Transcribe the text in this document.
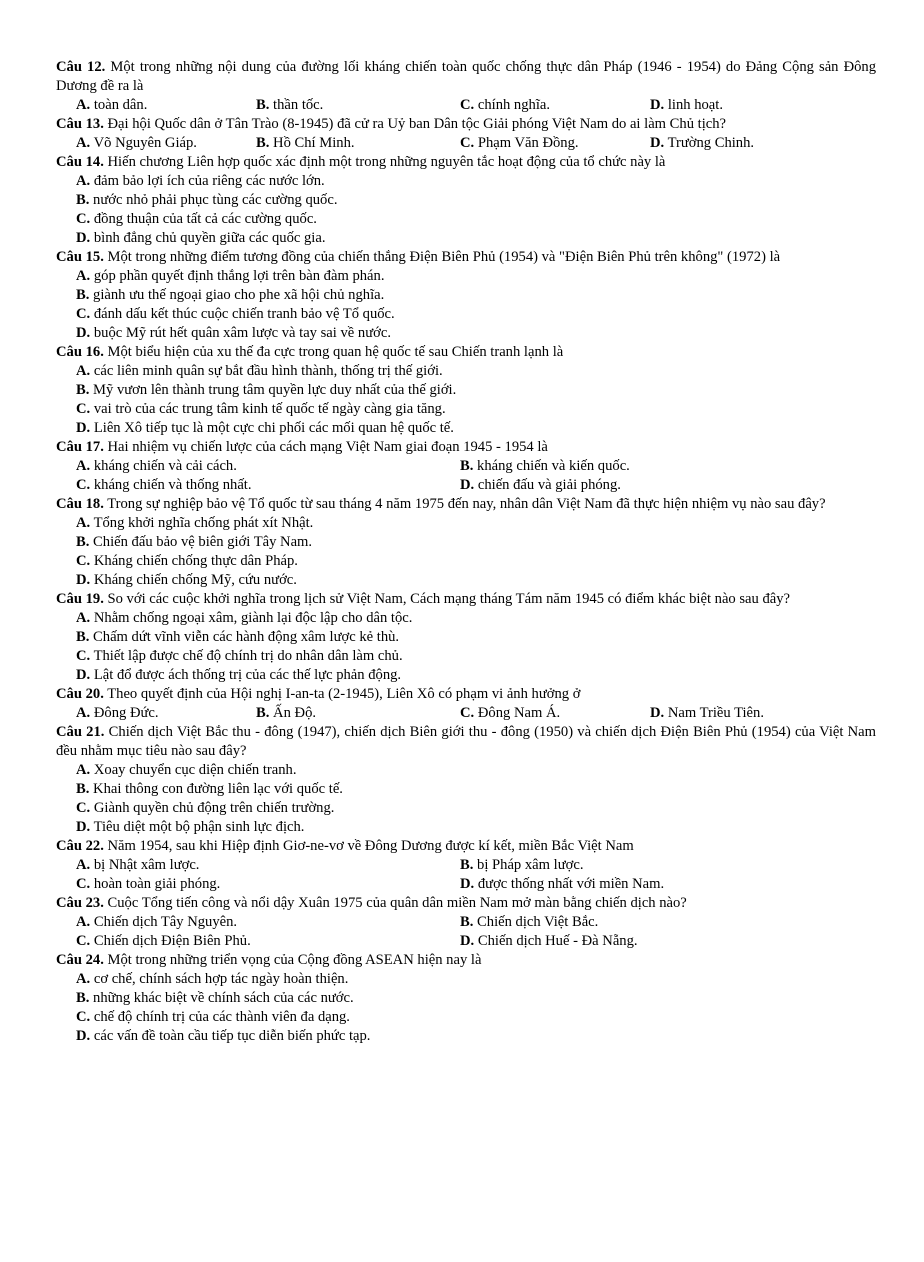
Câu 12. Một trong những nội dung của đường lối kháng chiến toàn quốc chống thực dân Pháp (1946 - 1954) do Đảng Cộng sản Đông Dương đề ra là

A. toàn dân.	B. thần tốc.	C. chính nghĩa.	D. linh hoạt.

Câu 13. Đại hội Quốc dân ở Tân Trào (8-1945) đã cử ra Uỷ ban Dân tộc Giải phóng Việt Nam do ai làm Chủ tịch?

A. Võ Nguyên Giáp.	B. Hồ Chí Minh.	C. Phạm Văn Đồng.	D. Trường Chinh.

Câu 14. Hiến chương Liên hợp quốc xác định một trong những nguyên tắc hoạt động của tổ chức này là

A. đảm bảo lợi ích của riêng các nước lớn.
B. nước nhỏ phải phục tùng các cường quốc.
C. đồng thuận của tất cả các cường quốc.
D. bình đẳng chủ quyền giữa các quốc gia.

Câu 15. Một trong những điểm tương đồng của chiến thắng Điện Biên Phủ (1954) và "Điện Biên Phủ trên không" (1972) là

A. góp phần quyết định thắng lợi trên bàn đàm phán.
B. giành ưu thế ngoại giao cho phe xã hội chủ nghĩa.
C. đánh dấu kết thúc cuộc chiến tranh bảo vệ Tổ quốc.
D. buộc Mỹ rút hết quân xâm lược và tay sai về nước.

Câu 16. Một biểu hiện của xu thế đa cực trong quan hệ quốc tế sau Chiến tranh lạnh là

A. các liên minh quân sự bắt đầu hình thành, thống trị thế giới.
B. Mỹ vươn lên thành trung tâm quyền lực duy nhất của thế giới.
C. vai trò của các trung tâm kinh tế quốc tế ngày càng gia tăng.
D. Liên Xô tiếp tục là một cực chi phối các mối quan hệ quốc tế.

Câu 17. Hai nhiệm vụ chiến lược của cách mạng Việt Nam giai đoạn 1945 - 1954 là

A. kháng chiến và cải cách.	B. kháng chiến và kiến quốc.
C. kháng chiến và thống nhất.	D. chiến đấu và giải phóng.

Câu 18. Trong sự nghiệp bảo vệ Tổ quốc từ sau tháng 4 năm 1975 đến nay, nhân dân Việt Nam đã thực hiện nhiệm vụ nào sau đây?

A. Tổng khởi nghĩa chống phát xít Nhật.
B. Chiến đấu bảo vệ biên giới Tây Nam.
C. Kháng chiến chống thực dân Pháp.
D. Kháng chiến chống Mỹ, cứu nước.

Câu 19. So với các cuộc khởi nghĩa trong lịch sử Việt Nam, Cách mạng tháng Tám năm 1945 có điểm khác biệt nào sau đây?

A. Nhằm chống ngoại xâm, giành lại độc lập cho dân tộc.
B. Chấm dứt vĩnh viễn các hành động xâm lược kẻ thù.
C. Thiết lập được chế độ chính trị do nhân dân làm chủ.
D. Lật đổ được ách thống trị của các thế lực phản động.

Câu 20. Theo quyết định của Hội nghị I-an-ta (2-1945), Liên Xô có phạm vi ảnh hưởng ở

A. Đông Đức.	B. Ấn Độ.	C. Đông Nam Á.	D. Nam Triều Tiên.

Câu 21. Chiến dịch Việt Bắc thu - đông (1947), chiến dịch Biên giới thu - đông (1950) và chiến dịch Điện Biên Phủ (1954) của Việt Nam đều nhằm mục tiêu nào sau đây?

A. Xoay chuyển cục diện chiến tranh.
B. Khai thông con đường liên lạc với quốc tế.
C. Giành quyền chủ động trên chiến trường.
D. Tiêu diệt một bộ phận sinh lực địch.

Câu 22. Năm 1954, sau khi Hiệp định Giơ-ne-vơ về Đông Dương được kí kết, miền Bắc Việt Nam

A. bị Nhật xâm lược.	B. bị Pháp xâm lược.
C. hoàn toàn giải phóng.	D. được thống nhất với miền Nam.

Câu 23. Cuộc Tổng tiến công và nổi dậy Xuân 1975 của quân dân miền Nam mở màn bằng chiến dịch nào?

A. Chiến dịch Tây Nguyên.	B. Chiến dịch Việt Bắc.
C. Chiến dịch Điện Biên Phủ.	D. Chiến dịch Huế - Đà Nẵng.

Câu 24. Một trong những triển vọng của Cộng đồng ASEAN hiện nay là

A. cơ chế, chính sách hợp tác ngày hoàn thiện.
B. những khác biệt về chính sách của các nước.
C. chế độ chính trị của các thành viên đa dạng.
D. các vấn đề toàn cầu tiếp tục diễn biến phức tạp.
